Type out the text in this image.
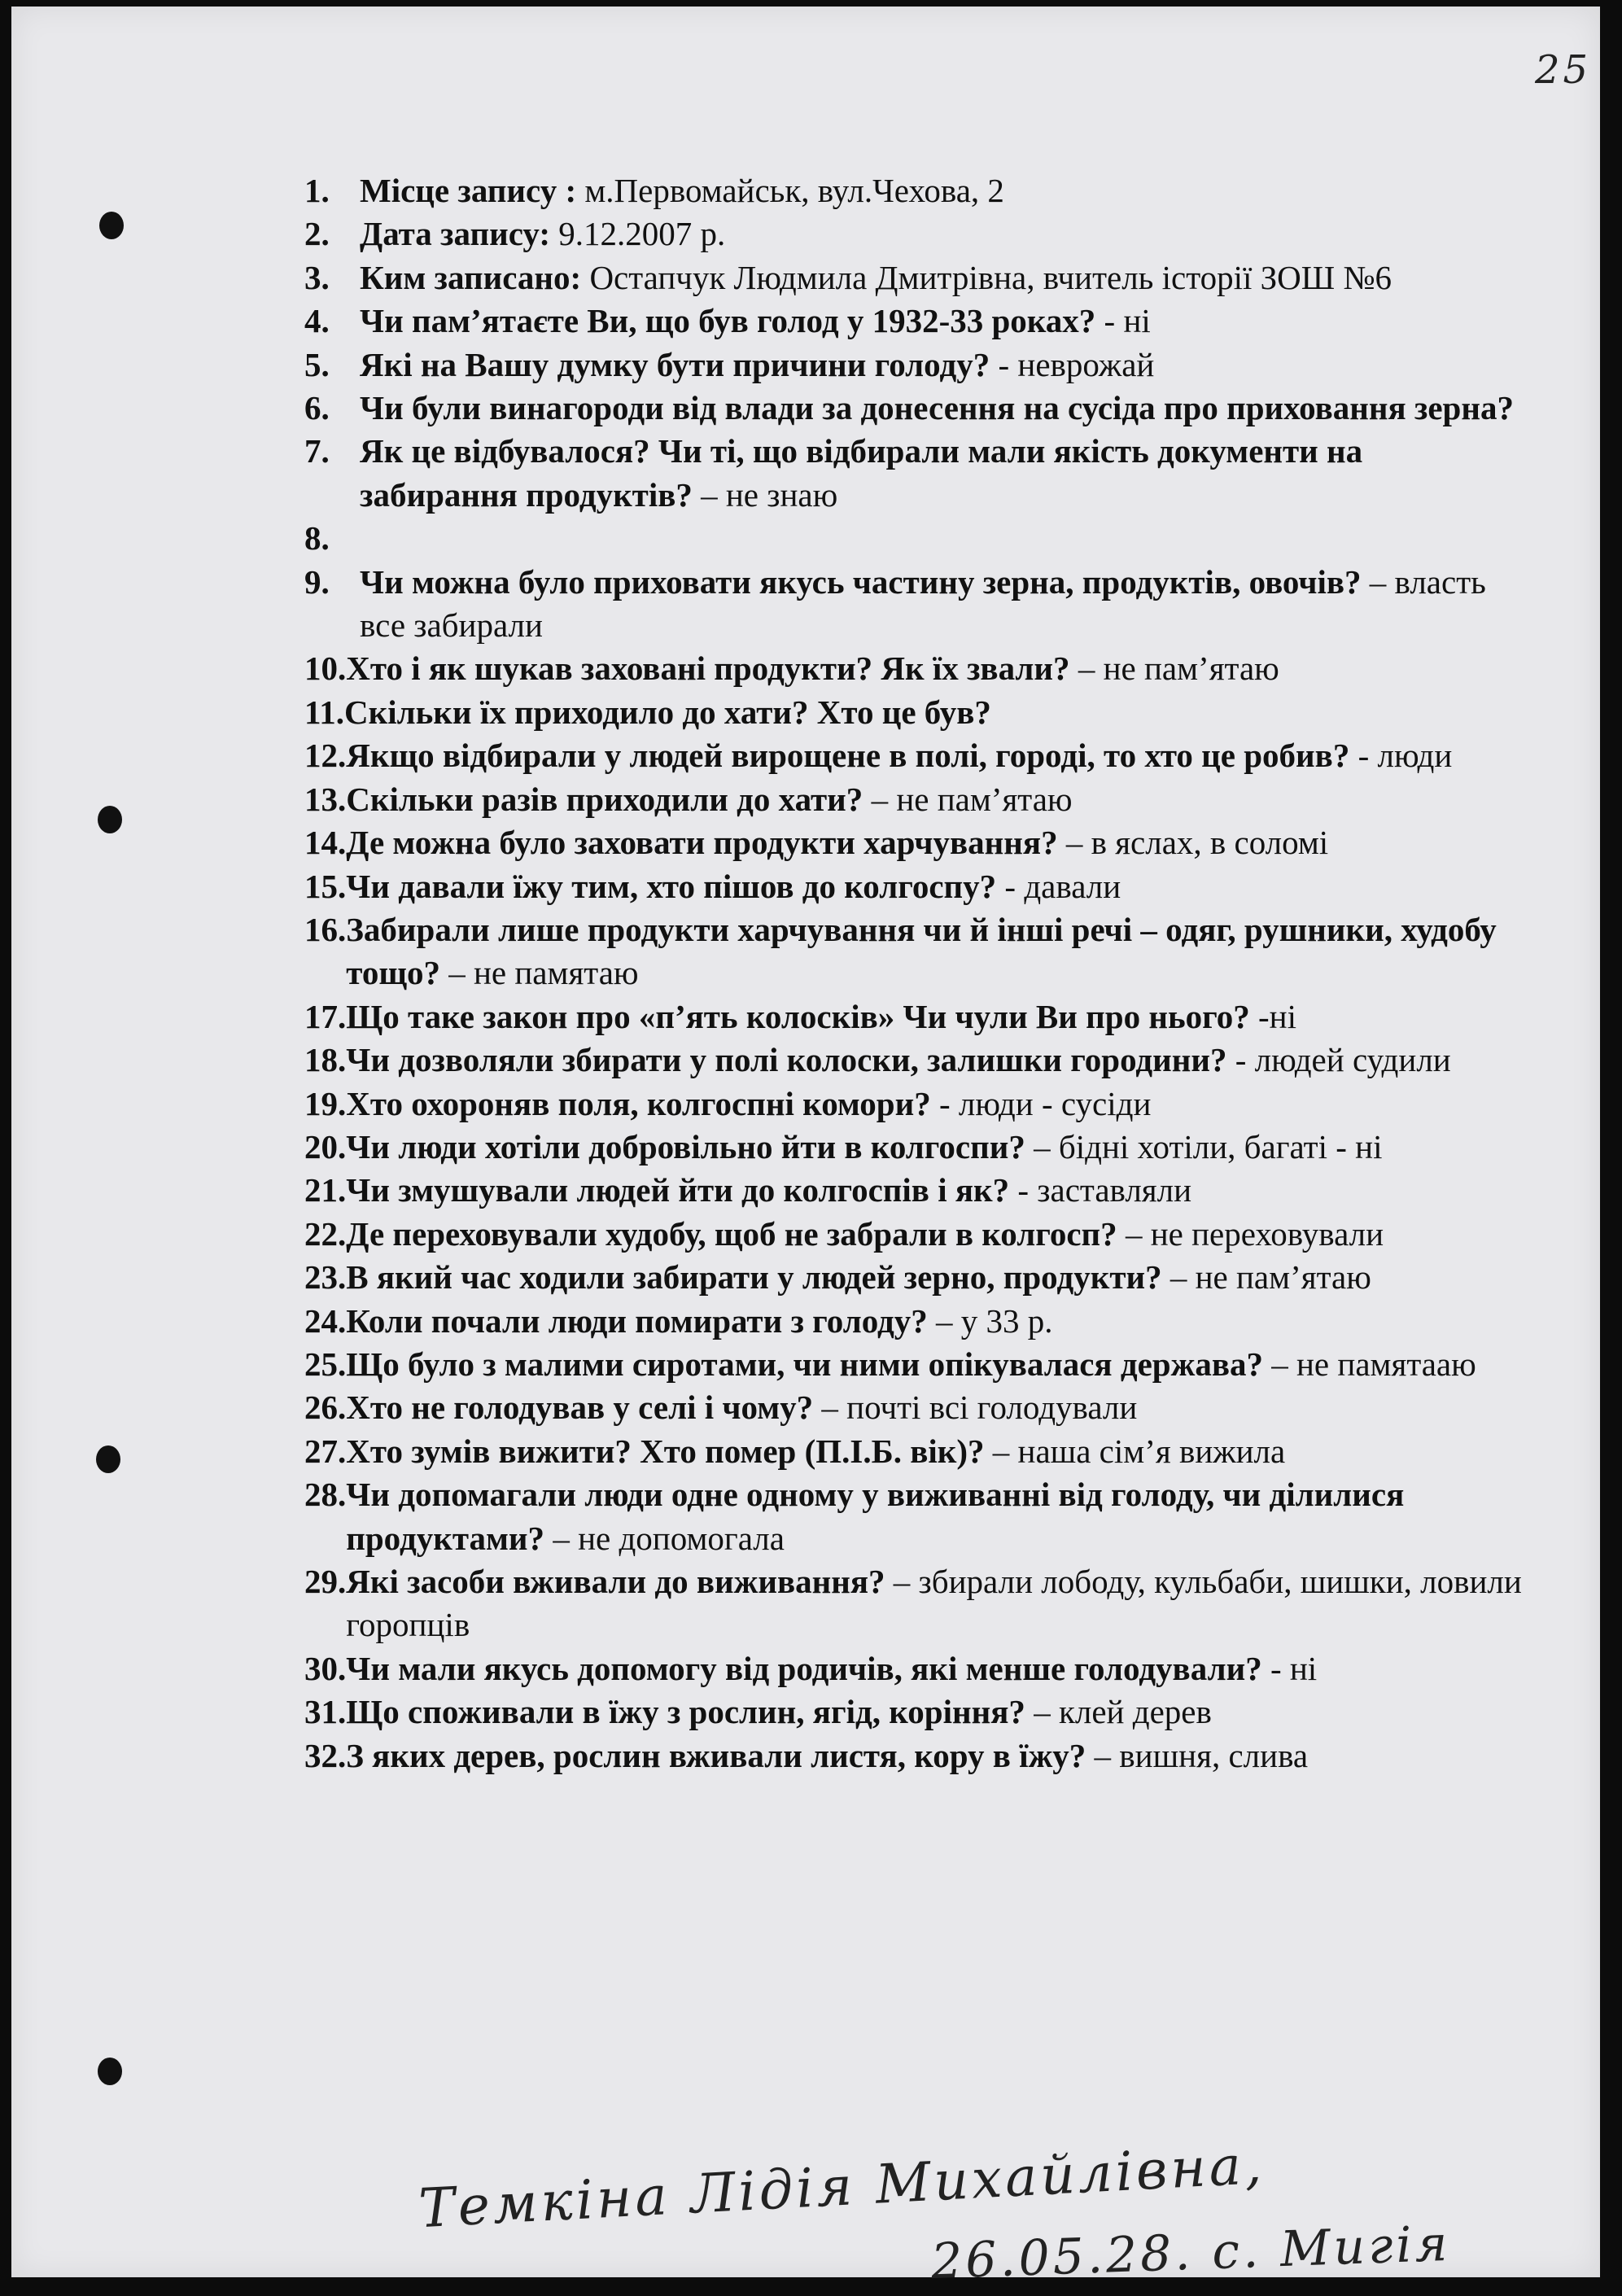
25
1. Місце запису : м.Первомайськ, вул.Чехова, 2
2. Дата запису: 9.12.2007 р.
3. Ким записано: Остапчук Людмила Дмитрівна, вчитель історії ЗОШ №6
4. Чи пам’ятаєте Ви, що був голод у 1932-33 роках? - ні
5. Які на Вашу думку бути причини голоду? - неврожай
6. Чи були винагороди від влади за донесення на сусіда про приховання зерна?
7. Як це відбувалося? Чи ті, що відбирали мали якість документи на забирання продуктів? – не знаю
8.
9. Чи можна було приховати якусь частину зерна, продуктів, овочів? – власть все забирали
10. Хто і як шукав заховані продукти? Як їх звали? – не пам’ятаю
11. Скільки їх приходило до хати? Хто це був?
12. Якщо відбирали у людей вирощене в полі, городі, то хто це робив? - люди
13. Скільки разів приходили до хати? – не пам’ятаю
14. Де можна було заховати продукти харчування? – в яслах, в соломі
15. Чи давали їжу тим, хто пішов до колгоспу? - давали
16. Забирали лише продукти харчування чи й інші речі – одяг, рушники, худобу тощо? – не памятаю
17. Що таке закон про «п’ять колосків» Чи чули Ви про нього? -ні
18. Чи дозволяли збирати у полі колоски, залишки городини? - людей судили
19. Хто охороняв поля, колгоспні комори? - люди - сусіди
20. Чи люди хотіли добровільно йти в колгоспи? – бідні хотіли, багаті - ні
21. Чи змушували людей йти до колгоспів і як? - заставляли
22. Де переховували худобу, щоб не забрали в колгосп? – не переховували
23. В який час ходили забирати у людей зерно, продукти? – не пам’ятаю
24. Коли почали люди помирати з голоду? – у 33 р.
25. Що було з малими сиротами, чи ними опікувалася держава? – не памятааю
26. Хто не голодував у селі і чому? – почті всі голодували
27. Хто зумів вижити? Хто помер (П.І.Б. вік)? – наша сім’я вижила
28. Чи допомагали люди одне одному у виживанні від голоду, чи ділилися продуктами? – не допомогала
29. Які засоби вживали до виживання? – збирали лободу, кульбаби, шишки, ловили горопців
30. Чи мали якусь допомогу від родичів, які менше голодували? - ні
31. Що споживали в їжу з рослин, ягід, коріння? – клей дерев
32. З яких дерев, рослин вживали листя, кору в їжу? – вишня, слива
Темкіна Лідія Михайлівна,
26.05.28. с. Мигія
